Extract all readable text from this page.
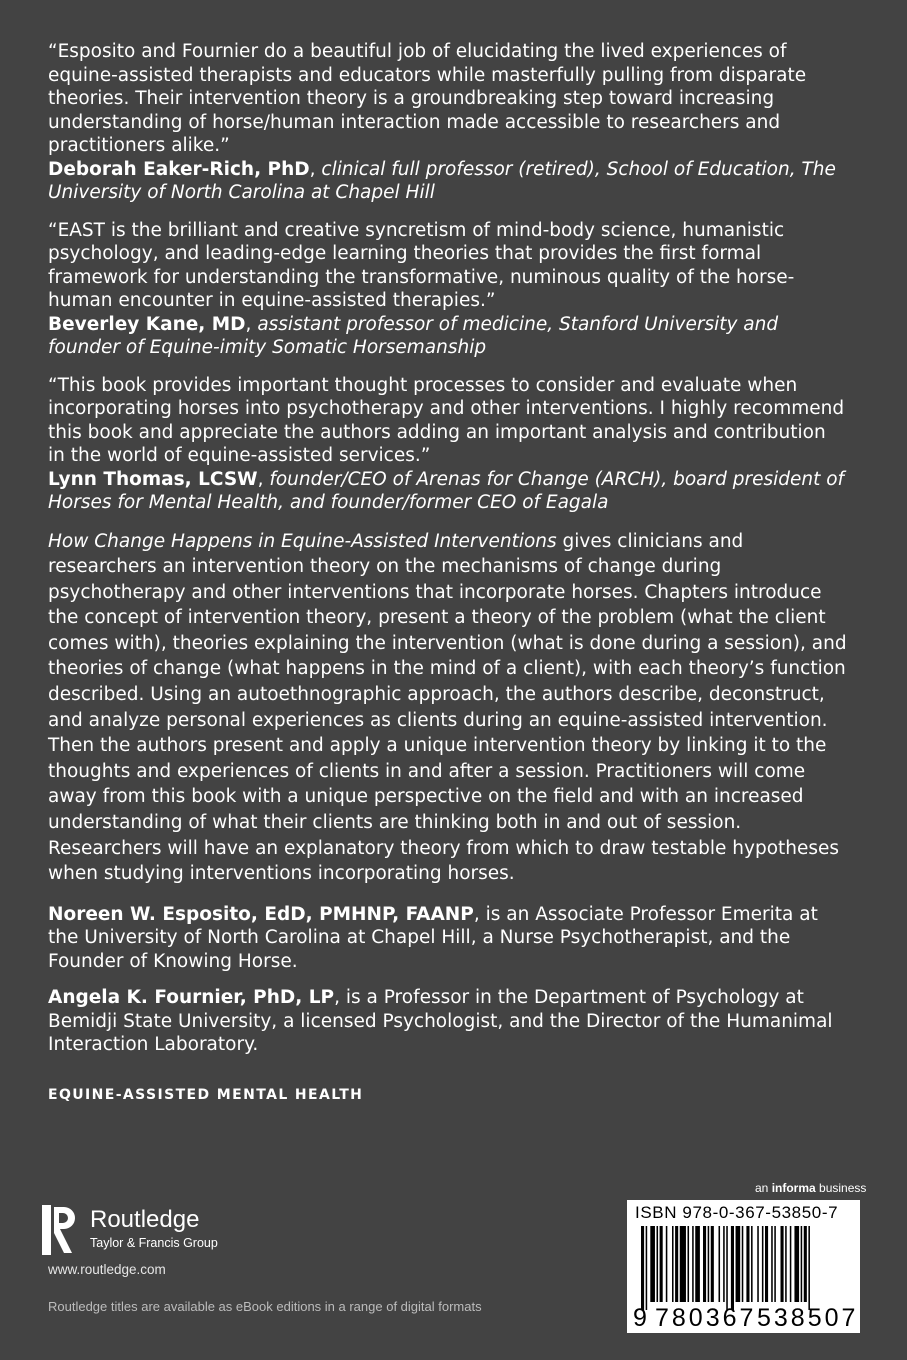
“Esposito and Fournier do a beautiful job of elucidating the lived experiences of equine-assisted therapists and educators while masterfully pulling from disparate theories. Their intervention theory is a groundbreaking step toward increasing understanding of horse/human interaction made accessible to researchers and practitioners alike.”

Deborah Eaker-Rich, PhD, clinical full professor (retired), School of Education, The University of North Carolina at Chapel Hill

“EAST is the brilliant and creative syncretism of mind-body science, humanistic psychology, and leading-edge learning theories that provides the first formal framework for understanding the transformative, numinous quality of the horse-human encounter in equine-assisted therapies.”

Beverley Kane, MD, assistant professor of medicine, Stanford University and founder of Equine-imity Somatic Horsemanship

“This book provides important thought processes to consider and evaluate when incorporating horses into psychotherapy and other interventions. I highly recommend this book and appreciate the authors adding an important analysis and contribution in the world of equine-assisted services.”

Lynn Thomas, LCSW, founder/CEO of Arenas for Change (ARCH), board president of Horses for Mental Health, and founder/former CEO of Eagala

How Change Happens in Equine-Assisted Interventions gives clinicians and researchers an intervention theory on the mechanisms of change during psychotherapy and other interventions that incorporate horses. Chapters introduce the concept of intervention theory, present a theory of the problem (what the client comes with), theories explaining the intervention (what is done during a session), and theories of change (what happens in the mind of a client), with each theory’s function described. Using an autoethnographic approach, the authors describe, deconstruct, and analyze personal experiences as clients during an equine-assisted intervention. Then the authors present and apply a unique intervention theory by linking it to the thoughts and experiences of clients in and after a session. Practitioners will come away from this book with a unique perspective on the field and with an increased understanding of what their clients are thinking both in and out of session. Researchers will have an explanatory theory from which to draw testable hypotheses when studying interventions incorporating horses.

Noreen W. Esposito, EdD, PMHNP, FAANP, is an Associate Professor Emerita at the University of North Carolina at Chapel Hill, a Nurse Psychotherapist, and the Founder of Knowing Horse.

Angela K. Fournier, PhD, LP, is a Professor in the Department of Psychology at Bemidji State University, a licensed Psychologist, and the Director of the Humanimal Interaction Laboratory.

EQUINE-ASSISTED MENTAL HEALTH
Routledge
Taylor & Francis Group
www.routledge.com
Routledge titles are available as eBook editions in a range of digital formats
an informa business
ISBN 978-0-367-53850-7
9 780367 538507
